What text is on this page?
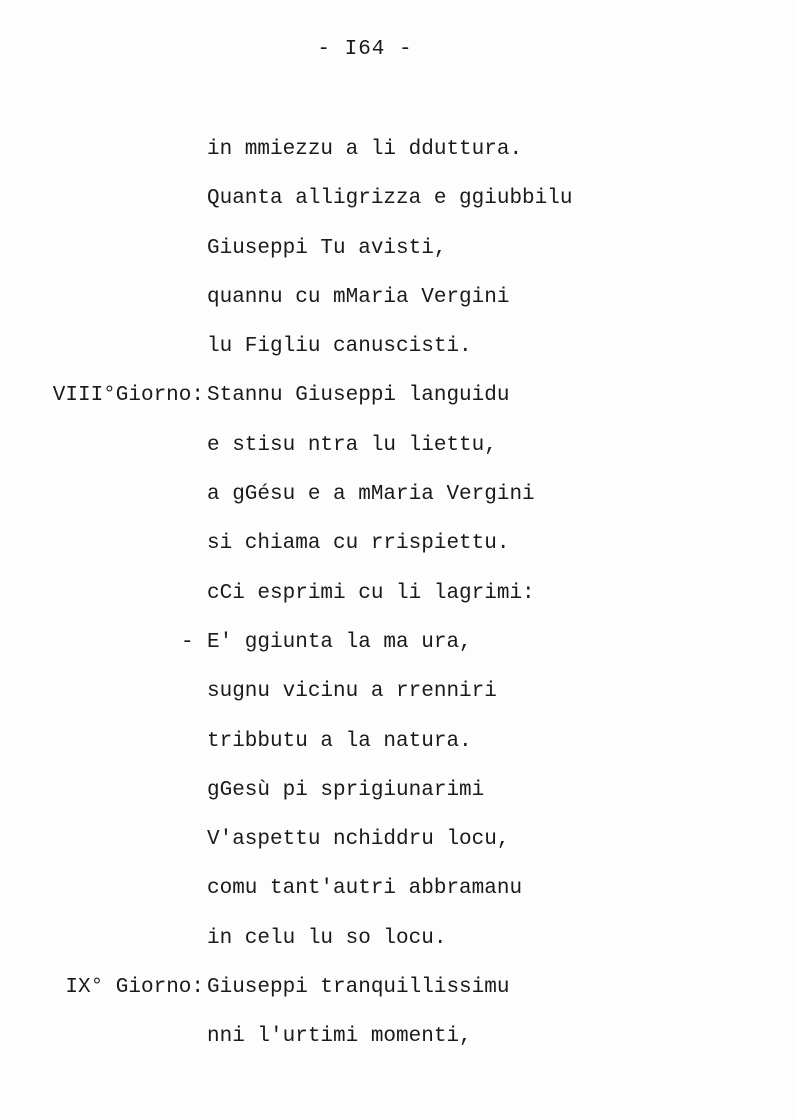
- I64 -
in mmiezzu a li dduttura.
Quanta alligrizza e ggiubbilu
Giuseppi Tu avisti,
quannu cu mMaria Vergini
lu Figliu canuscisti.
VIII°Giorno: Stannu Giuseppi languidu
e stisu ntra lu liettu,
a gGésu e a mMaria Vergini
si chiama cu rrispiettu.
cCi esprimi cu li lagrimi:
- E' ggiunta la ma ura,
sugnu vicinu a rrenniri
tribbutu a la natura.
gGesù pi sprigiunarimi
V'aspettu nchiddru locu,
comu tant'autri abbramanu
in celu lu so locu.
IX° Giorno: Giuseppi tranquillissimu
nni l'urtimi momenti,
